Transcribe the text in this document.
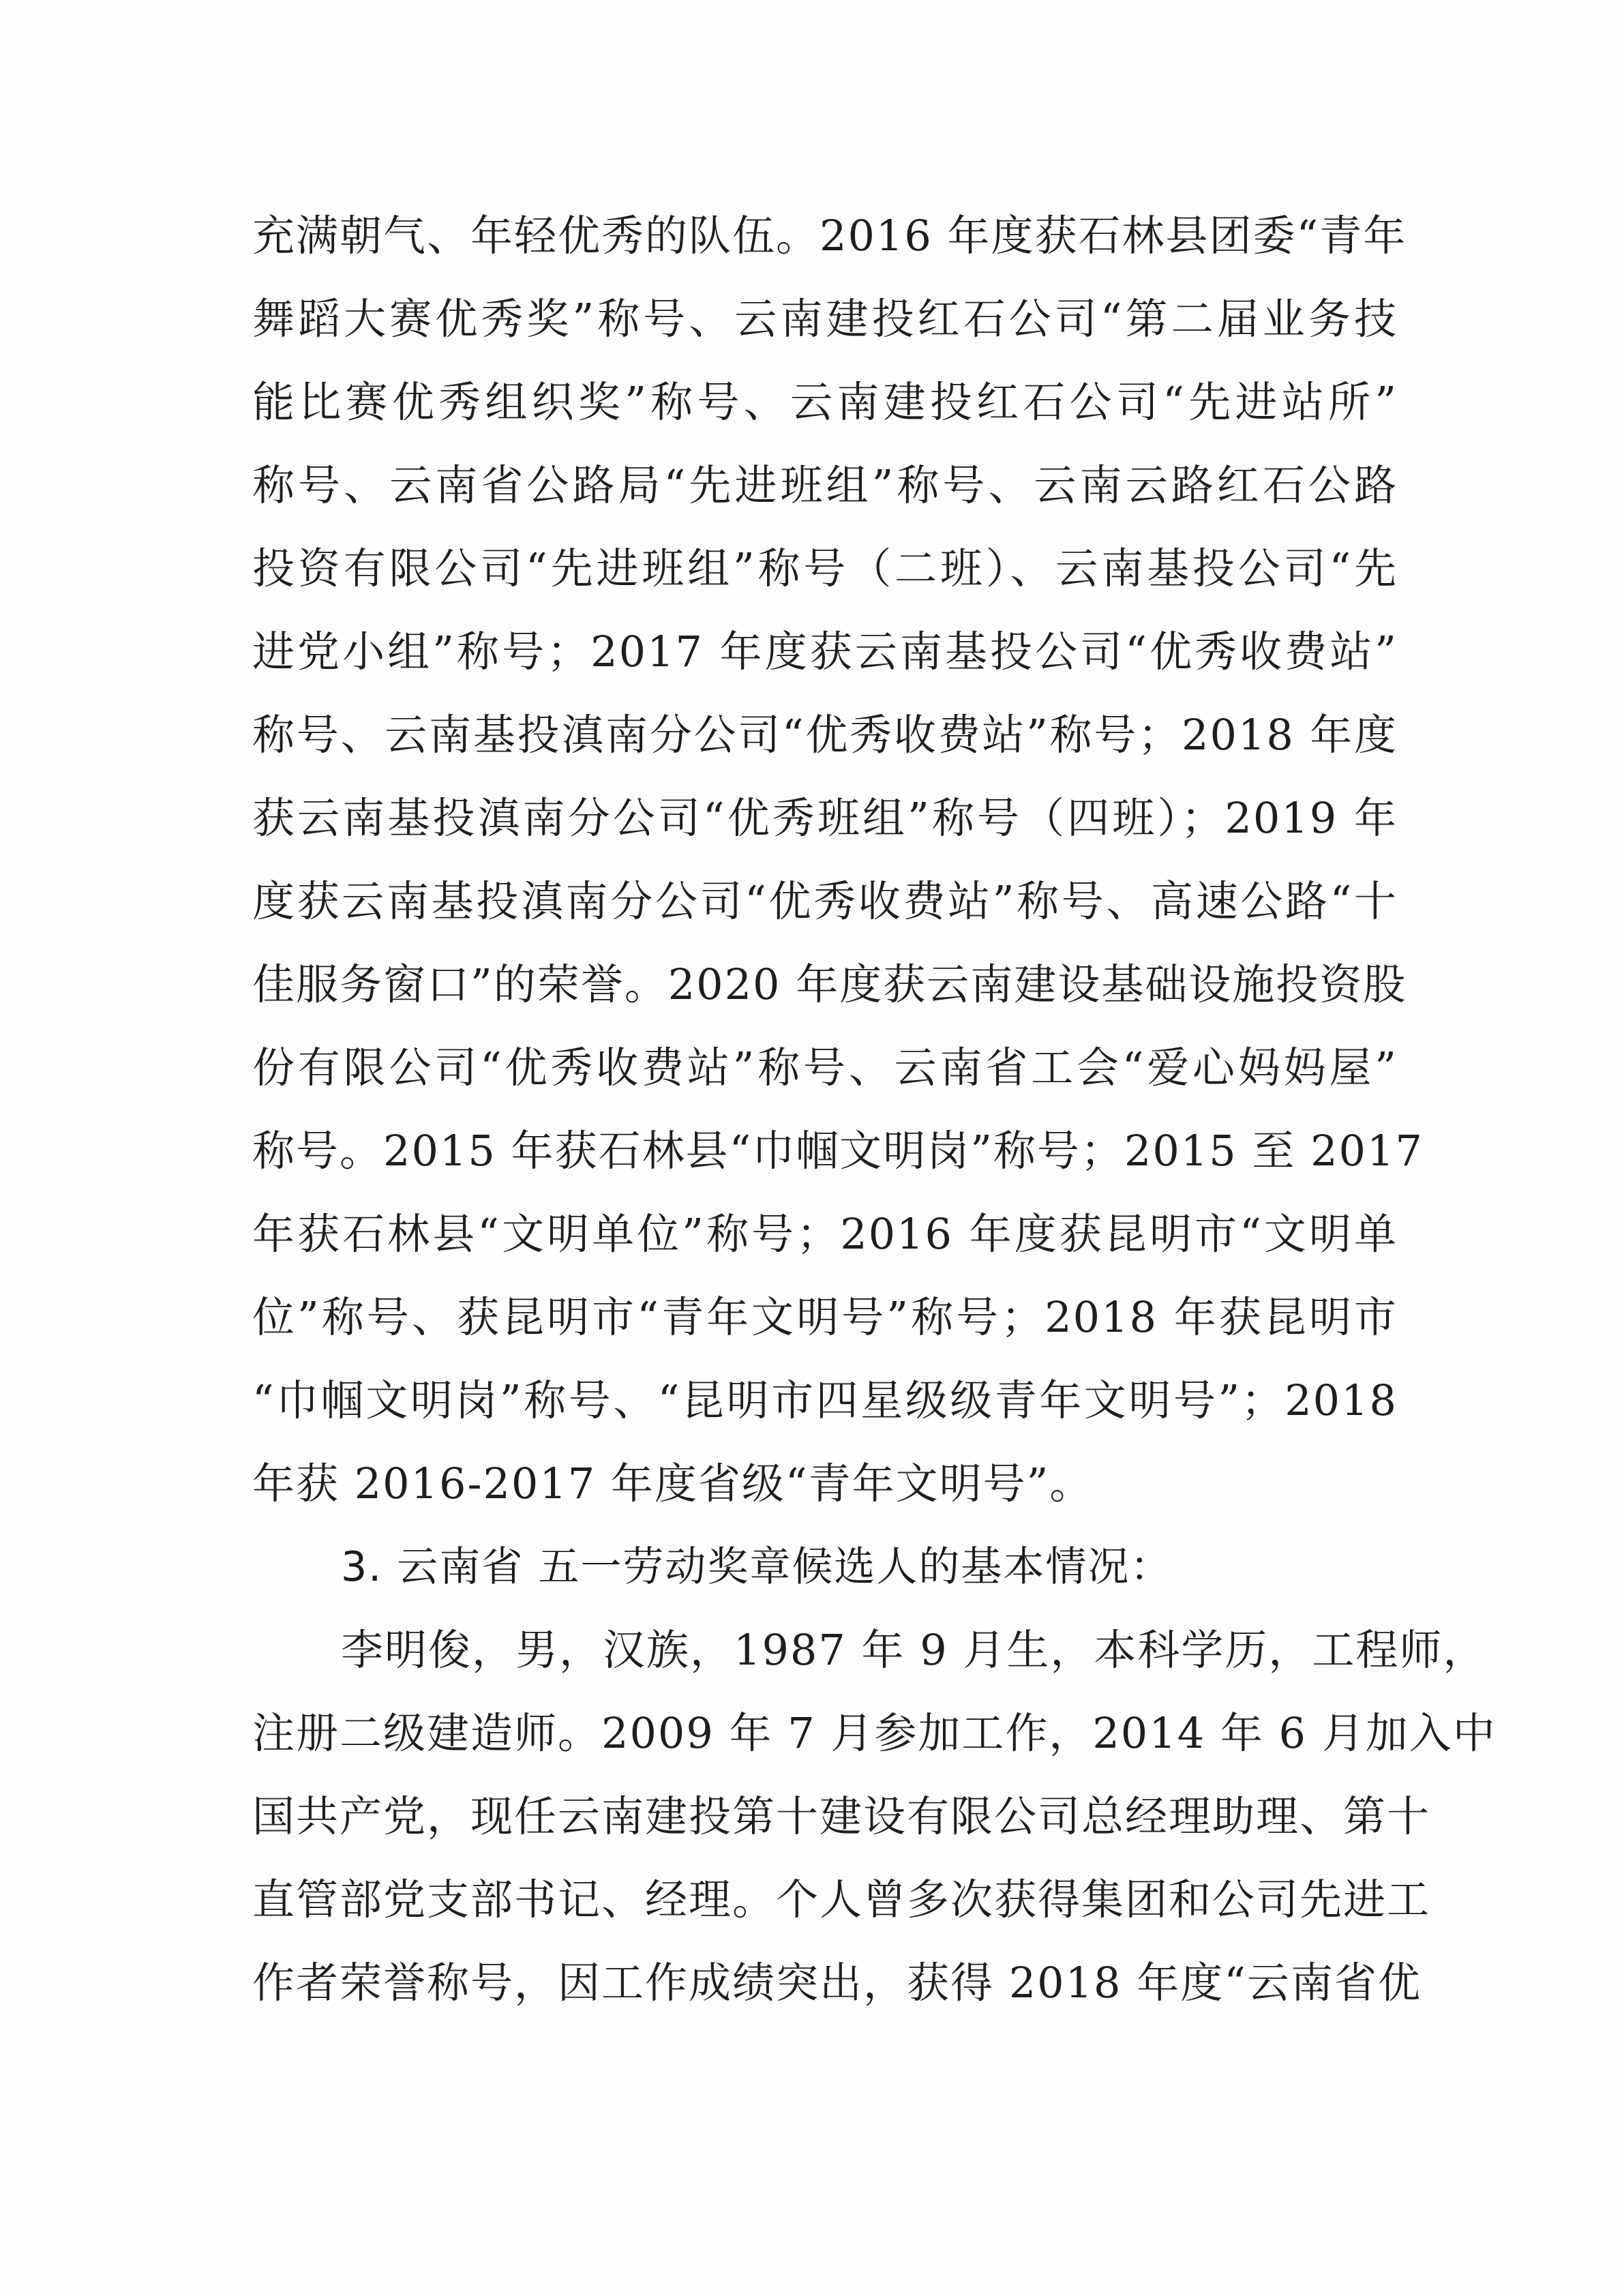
充满朝气、年轻优秀的队伍。2016 年度获石林县团委“青年
舞蹈大赛优秀奖”称号、云南建投红石公司“第二届业务技
能比赛优秀组织奖”称号、云南建投红石公司“先进站所”
称号、云南省公路局“先进班组”称号、云南云路红石公路
投资有限公司“先进班组”称号（二班）、云南基投公司“先
进党小组”称号；2017 年度获云南基投公司“优秀收费站”
称号、云南基投滇南分公司“优秀收费站”称号；2018 年度
获云南基投滇南分公司“优秀班组”称号（四班）；2019 年
度获云南基投滇南分公司“优秀收费站”称号、高速公路“十
佳服务窗口”的荣誉。2020 年度获云南建设基础设施投资股
份有限公司“优秀收费站”称号、云南省工会“爱心妈妈屋”
称号。2015 年获石林县“巾帼文明岗”称号；2015 至 2017
年获石林县“文明单位”称号；2016 年度获昆明市“文明单
位”称号、获昆明市“青年文明号”称号；2018 年获昆明市
“巾帼文明岗”称号、“昆明市四星级级青年文明号”；2018
年获 2016-2017 年度省级“青年文明号”。
3. 云南省 五一劳动奖章候选人的基本情况：
李明俊，男，汉族，1987 年 9 月生，本科学历，工程师，
注册二级建造师。2009 年 7 月参加工作，2014 年 6 月加入中
国共产党，现任云南建投第十建设有限公司总经理助理、第十
直管部党支部书记、经理。个人曾多次获得集团和公司先进工
作者荣誉称号，因工作成绩突出，获得 2018 年度“云南省优
